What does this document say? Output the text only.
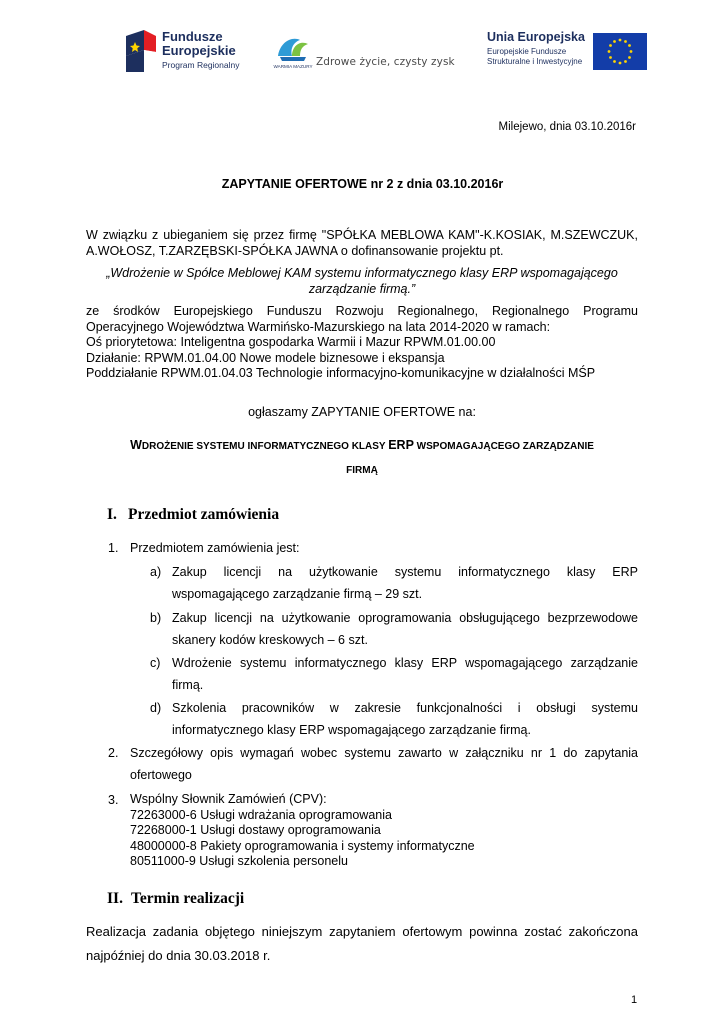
Fundusze
Europejskie
Program Regionalny	WARMIA MAZURY Zdrowe życie, czysty zysk
Unia Europejska
Europejskie Fundusze
Strukturalne i Inwestycyjne
Milejewo, dnia 03.10.2016r
ZAPYTANIE OFERTOWE nr 2 z dnia 03.10.2016r
W związku z ubieganiem się przez firmę "SPÓŁKA MEBLOWA KAM"-K.KOSIAK, M.SZEWCZUK, A.WOŁOSZ, T.ZARZĘBSKI-SPÓŁKA JAWNA o dofinansowanie projektu pt.
„Wdrożenie w Spółce Meblowej KAM systemu informatycznego klasy ERP wspomagającego zarządzanie firmą.”
ze środków Europejskiego Funduszu Rozwoju Regionalnego, Regionalnego Programu Operacyjnego Województwa Warmińsko-Mazurskiego na lata 2014-2020 w ramach:
Oś priorytetowa: Inteligentna gospodarka Warmii i Mazur RPWM.01.00.00
Działanie: RPWM.01.04.00 Nowe modele biznesowe i ekspansja
Poddziałanie RPWM.01.04.03 Technologie informacyjno-komunikacyjne w działalności MŚP
ogłaszamy ZAPYTANIE OFERTOWE na:
WDROŻENIE SYSTEMU INFORMATYCZNEGO KLASY ERP WSPOMAGAJĄCEGO ZARZĄDZANIE
FIRMĄ
I. Przedmiot zamówienia
1. Przedmiotem zamówienia jest:
a) Zakup licencji na użytkowanie systemu informatycznego klasy ERP wspomagającego zarządzanie firmą – 29 szt.
b) Zakup licencji na użytkowanie oprogramowania obsługującego bezprzewodowe skanery kodów kreskowych – 6 szt.
c) Wdrożenie systemu informatycznego klasy ERP wspomagającego zarządzanie firmą.
d) Szkolenia pracowników w zakresie funkcjonalności i obsługi systemu informatycznego klasy ERP wspomagającego zarządzanie firmą.
2. Szczegółowy opis wymagań wobec systemu zawarto w załączniku nr 1 do zapytania ofertowego
3. Wspólny Słownik Zamówień (CPV):
72263000-6 Usługi wdrażania oprogramowania
72268000-1 Usługi dostawy oprogramowania
48000000-8 Pakiety oprogramowania i systemy informatyczne
80511000-9 Usługi szkolenia personelu
II. Termin realizacji
Realizacja zadania objętego niniejszym zapytaniem ofertowym powinna zostać zakończona najpóźniej do dnia 30.03.2018 r.
1
